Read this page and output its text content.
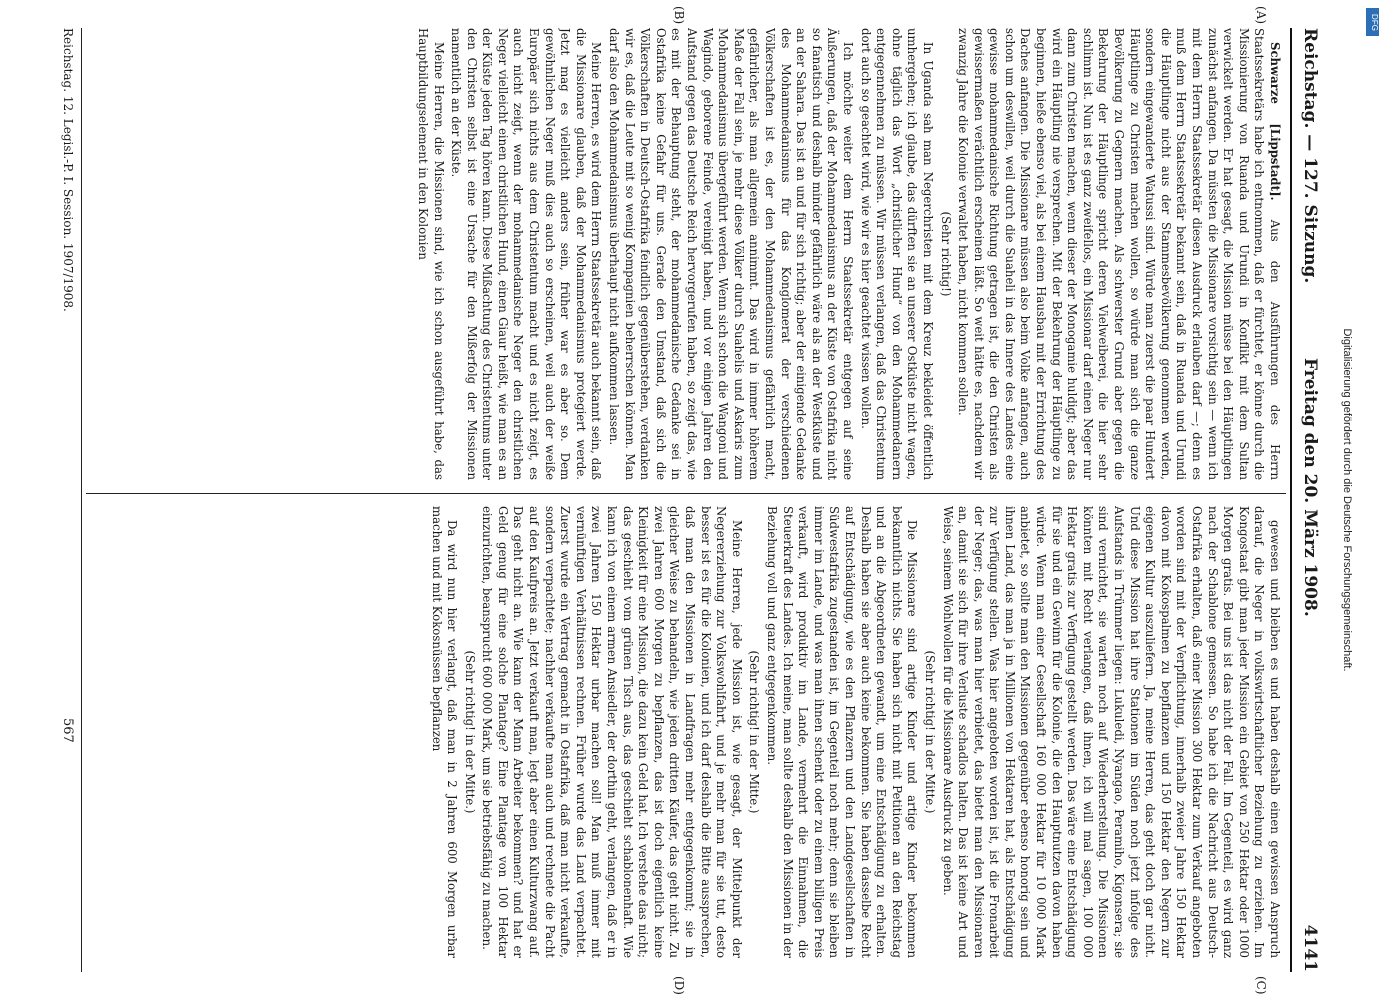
Reichstag. — 127. Sitzung.
Freitag den 20. März 1908.
4141
(A)
(B)
(C)
(D)

Schwarze [Lippstadt]. Aus den Ausführungen des Herrn Staatssekretärs habe ich entnommen, daß er fürchtet, er könne durch die Missionierung von Ruanda und Urundi in Konflikt mit dem Sultan verwickelt werden. Er hat gesagt, die Mission müsse bei den Häuptlingen zunächst anfangen. Da müssten die Missionare vorsichtig sein — wenn ich mit dem Herrn Staatssekretär diesen Ausdruck erlauben darf —; denn es muß dem Herrn Staatssekretär bekannt sein, daß in Ruanda und Urundi die Häuptlinge nicht aus der Stammesbevölkerung genommen werden, sondern eingewanderte Watussi sind. Würde man zuerst die paar Hundert Häuptlinge zu Christen machen wollen, so würde man sich die ganze Bevölkerung zu Gegnern machen. Als schwerster Grund aber gegen die Bekehrung der Häuptlinge spricht deren Vielweiberei, die hier sehr schlimm ist. Nun ist es ganz zweifellos, ein Missionar darf einen Neger nur dann zum Christen machen, wenn dieser der Monogamie huldigt; aber das wird ein Häuptling nie versprechen. Mit der Bekehrung der Häuptlinge zu beginnen, hieße ebenso viel, als bei einem Hausbau mit der Errichtung des Daches anfangen. Die Missionare müssen also beim Volke anfangen, auch schon um deswillen, weil durch die Suaheli in das Innere des Landes eine gewisse mohammedanische Richtung getragen ist, die den Christen als gewissermaßen verächtlich erscheinen läßt. So weit hätte es, nachdem wir zwanzig Jahre die Kolonie verwaltet haben, nicht kommen sollen.

(Sehr richtig!)

In Uganda sah man Negerchristen mit dem Kreuz bekleidet öffentlich umhergehen; ich glaube, das dürften sie an unserer Ostküste nicht wagen, ohne täglich das Wort „christlicher Hund“ von den Mohammedanern entgegennehmen zu müssen. Wir müssen verlangen, daß das Christentum dort auch so geachtet wird, wie wir es hier geachtet wissen wollen.

Ich möchte weiter dem Herrn Staatssekretär entgegen auf seine Äußerungen, daß der Mohammedanismus an der Küste von Ostafrika nicht so fanatisch und deshalb minder gefährlich wäre als an der Westküste und an der Sahara. Das ist an und für sich richtig; aber der einigende Gedanke des Mohammedanismus für das Konglomerat der verschiedenen Völkerschaften ist es, der den Mohammedanismus gefährlich macht, gefährlicher, als man allgemein annimmt. Das wird in immer höherem Maße der Fall sein, je mehr diese Völker durch Suahelis und Askaris zum Mohammedanismus übergeführt werden. Wenn sich schon die Wangoni und Wagindo, geborene Feinde, vereinigt haben, und vor einigen Jahren den Aufstand gegen das Deutsche Reich hervorgerufen haben, so zeigt das, wie es mit der Behauptung steht, der mohammedanische Gedanke sei in Ostafrika keine Gefahr für uns. Gerade den Umstand, daß sich die Völkerschaften in Deutsch-Ostafrika feindlich gegenüberstehen, verdanken wir es, daß die Leute mit so wenig Kompagnien beherrschen können. Man darf also den Mohammedanismus überhaupt nicht aufkommen lassen.

Meine Herren, es wird dem Herrn Staatssekretär auch bekannt sein, daß die Missionare glauben, daß der Mohammedanismus protegiert werde. Jetzt mag es vielleicht anders sein, früher war es aber so. Dem gewöhnlichen Neger muß dies auch so erscheinen, weil auch der weiße Europäer sich nichts aus dem Christentum macht und es nicht zeigt, es auch nicht zeigt, wenn der mohammedanische Neger den christlichen Neger vielleicht einen christlichen Hund, einen Giaur heißt, wie man es an der Küste jeden Tag hören kann. Diese Mißachtung des Christentums unter den Christen selbst ist eine Ursache für den Mißerfolg der Missionen namentlich an der Küste.

Meine Herren, die Missionen sind, wie ich schon ausgeführt habe, das Hauptbildungselement in den Kolonien

gewesen und bleiben es und haben deshalb einen gewissen Anspruch darauf, die Neger in volkswirtschaftlicher Beziehung zu erziehen. Im Kongostaat gibt man jeder Mission ein Gebiet von 250 Hektar oder 1000 Morgen gratis. Bei uns ist das nicht der Fall. Im Gegenteil, es wird ganz nach der Schablone gemessen. So habe ich die Nachricht aus Deutsch-Ostafrika erhalten, daß einer Mission 300 Hektar zum Verkauf angeboten worden sind mit der Verpflichtung, innerhalb zweier Jahre 150 Hektar davon mit Kokospalmen zu bepflanzen und 150 Hektar den Negern zur eigenen Kultur auszuliefern. Ja, meine Herren, das geht doch gar nicht. Und diese Mission hat ihre Stationen im Süden noch jetzt infolge des Aufstands in Trümmer liegen: Lukuledi, Nyangao, Peramiho, Kigonsera; sie sind vernichtet, sie warten noch auf Wiederherstellung. Die Missionen könnten mit Recht verlangen, daß ihnen, ich will mal sagen, 100 000 Hektar gratis zur Verfügung gestellt werden. Das wäre eine Entschädigung für sie und ein Gewinn für die Kolonie, die den Hauptnutzen davon haben würde. Wenn man einer Gesellschaft 160 000 Hektar für 10 000 Mark anbietet, so sollte man den Missionen gegenüber ebenso honorig sein und ihnen Land, das man ja in Millionen von Hektaren hat, als Entschädigung zur Verfügung stellen. Was hier angeboten worden ist, ist die Fronarbeit der Neger; das, was man hier verbietet, das bietet man den Missionaren an, damit sie sich für ihre Verluste schadlos halten. Das ist keine Art und Weise, seinem Wohlwollen für die Missionare Ausdruck zu geben.

(Sehr richtig! in der Mitte.)

Die Missionare sind artige Kinder und artige Kinder bekommen bekanntlich nichts. Sie haben sich nicht mit Petitionen an den Reichstag und an die Abgeordneten gewandt, um eine Entschädigung zu erhalten. Deshalb haben sie aber auch keine bekommen. Sie haben dasselbe Recht auf Entschädigung, wie es den Pflanzern und den Landgesellschaften in Südwestafrika zugestanden ist, im Gegenteil noch mehr; denn sie bleiben immer im Lande, und was man ihnen schenkt oder zu einem billigen Preis verkauft, wird produktiv im Lande, vermehrt die Einnahmen, die Steuerkraft des Landes. Ich meine, man sollte deshalb den Missionen in der Beziehung voll und ganz entgegenkommen.

(Sehr richtig! in der Mitte.)

Meine Herren, jede Mission ist, wie gesagt, der Mittelpunkt der Negererziehung zur Volkswohlfahrt, und je mehr man für sie tut, desto besser ist es für die Kolonien, und ich darf deshalb die Bitte aussprechen, daß man den Missionen in Landfragen mehr entgegenkommt; sie in gleicher Weise zu behandeln, wie jeden dritten Käufer, das geht nicht. Zu zwei Jahren 600 Morgen zu bepflanzen, das ist doch eigentlich keine Kleinigkeit für eine Mission, die dazu kein Geld hat. Ich verstehe das nicht; das geschieht vom grünen Tisch aus, das geschieht schablonenhaft. Wie kann ich von einem armen Ansiedler, der dorthin geht, verlangen, daß er in zwei Jahren 150 Hektar urbar machen soll! Man muß immer mit vernünftigen Verhältnissen rechnen. Früher wurde das Land verpachtet. Zuerst wurde ein Vertrag gemacht in Ostafrika, daß man nicht verkaufte, sondern verpachtete; nachher verkaufte man auch und rechnete die Pacht auf den Kaufpreis an. Jetzt verkauft man, legt aber einen Kulturzwang auf. Das geht nicht an. Wie kann der Mann Arbeiter bekommen? und hat er Geld genug für eine solche Plantage? Eine Plantage von 100 Hektar einzurichten, beansprucht 600 000 Mark, um sie betriebsfähig zu machen.

(Sehr richtig! in der Mitte.)

Da wird nun hier verlangt, daß man in 2 Jahren 600 Morgen urbar machen und mit Kokosnüssen bepflanzen

Reichstag. 12. Legisl.-P. I. Session. 1907/1908.
567
DFG
Digitalisierung gefördert durch die Deutsche Forschungsgemeinschaft.
